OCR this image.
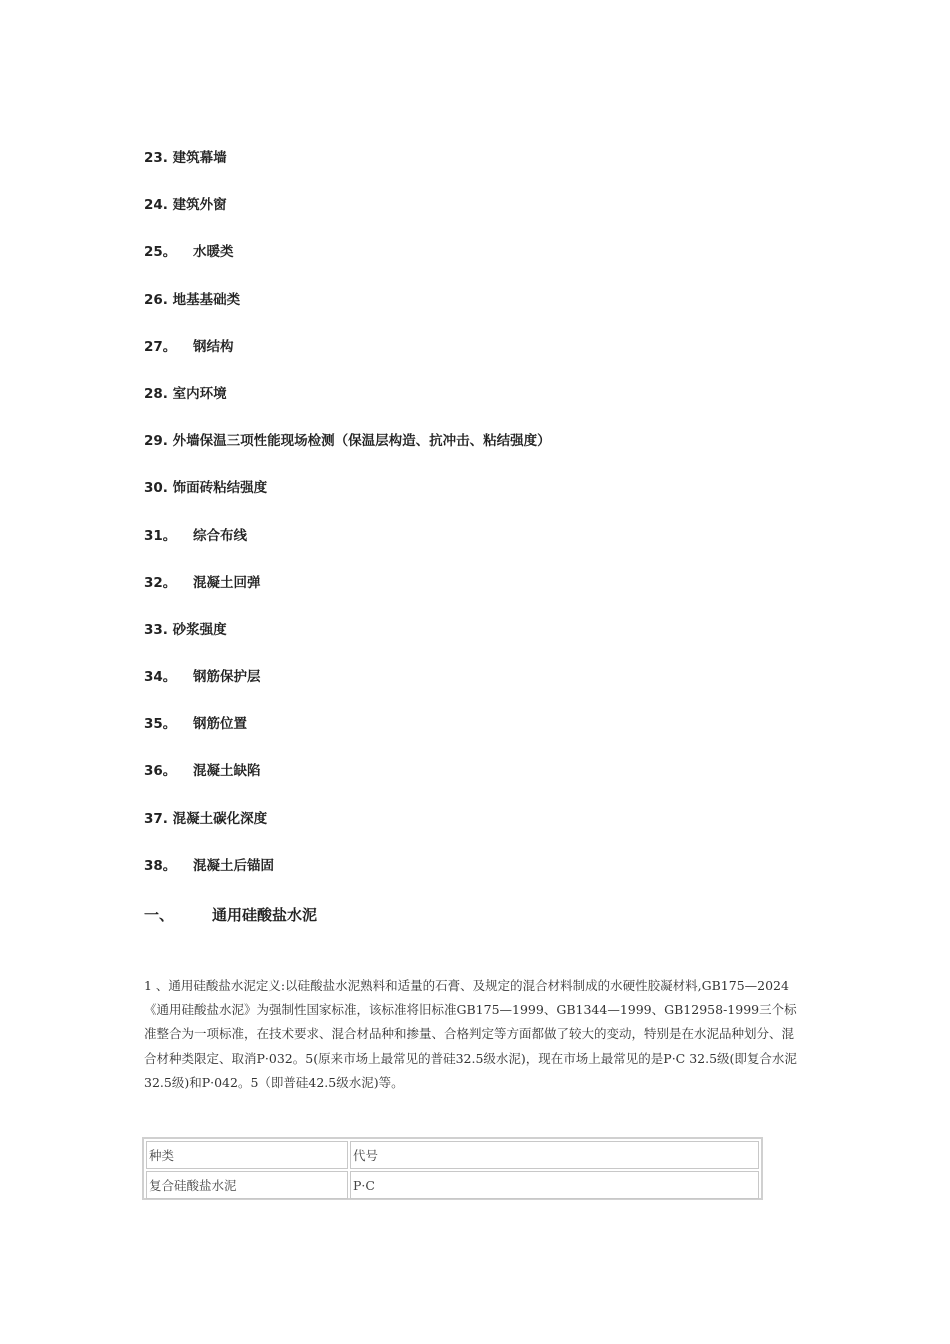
23. 建筑幕墙
24. 建筑外窗
25。 水暖类
26. 地基基础类
27。 钢结构
28. 室内环境
29. 外墙保温三项性能现场检测（保温层构造、抗冲击、粘结强度）
30. 饰面砖粘结强度
31。 综合布线
32。 混凝土回弹
33. 砂浆强度
34。 钢筋保护层
35。 钢筋位置
36。 混凝土缺陷
37. 混凝土碳化深度
38。 混凝土后锚固
一、	通用硅酸盐水泥

1 、通用硅酸盐水泥定义:以硅酸盐水泥熟料和适量的石膏、及规定的混合材料制成的水硬性胶凝材料,GB175—2024《通用硅酸盐水泥》为强制性国家标准，该标准将旧标准GB175—1999、GB1344—1999、GB12958-1999三个标准整合为一项标准，在技术要求、混合材品种和掺量、合格判定等方面都做了较大的变动，特别是在水泥品种划分、混合材种类限定、取消P·032。5(原来市场上最常见的普硅32.5级水泥)，现在市场上最常见的是P·C 32.5级(即复合水泥32.5级)和P·042。5（即普硅42.5级水泥)等。

种类	代号
复合硅酸盐水泥	P·C
